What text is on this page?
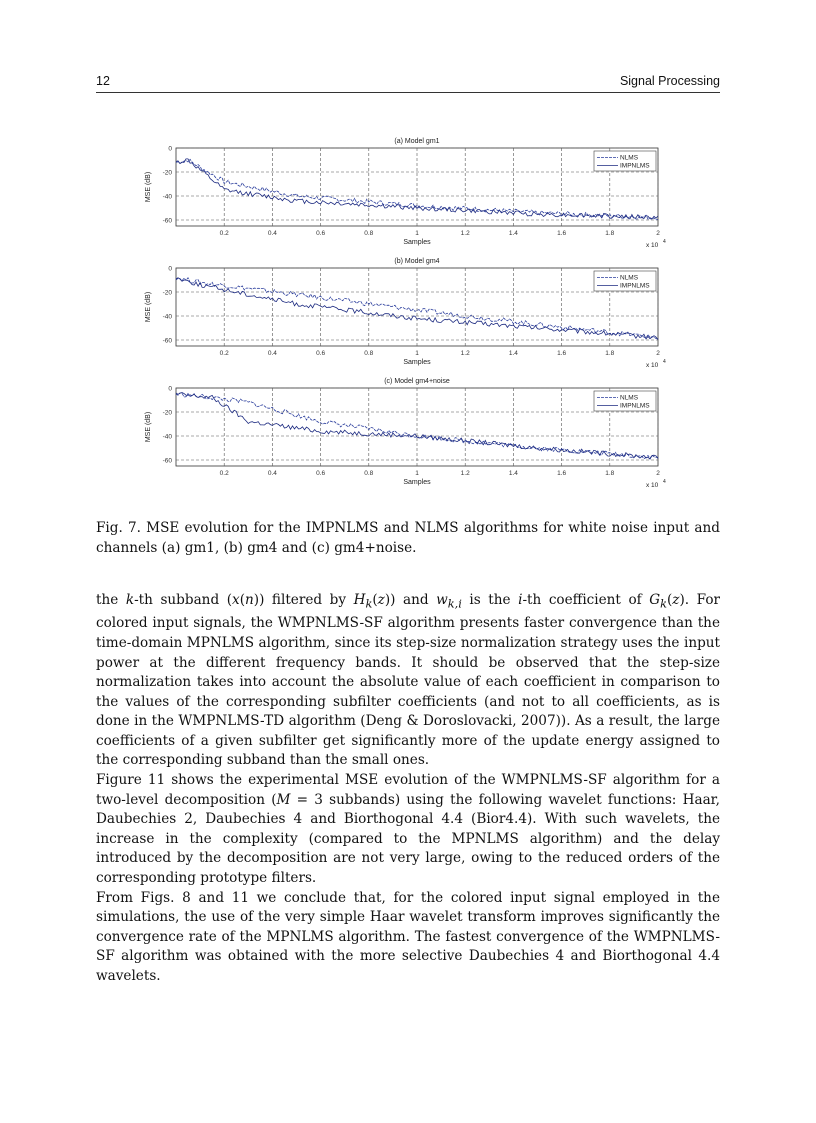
12	Signal Processing
(a) Model gm1
0.2	0.4	0.6	0.8	1	1.2	1.4	1.6	1.8	2
0
-20
-40
-60
Samples
MSE (dB)
x 10 4
NLMS
IMPNLMS
(b) Model gm4
0.2	0.4	0.6	0.8	1	1.2	1.4	1.6	1.8	2
0
-20
-40
-60
Samples
MSE (dB)
x 10 4
NLMS
IMPNLMS
(c) Model gm4+noise
0.2	0.4	0.6	0.8	1	1.2	1.4	1.6	1.8	2
0
-20
-40
-60
Samples
MSE (dB)
x 10 4
NLMS
IMPNLMS
Fig. 7. MSE evolution for the IMPNLMS and NLMS algorithms for white noise input and channels (a) gm1, (b) gm4 and (c) gm4+noise.

the k-th subband (x(n)) filtered by $H_k(z)$) and $w_{k,i}$ is the i-th coefficient of $G_k(z)$. For colored input signals, the WMPNLMS-SF algorithm presents faster convergence than the time-domain MPNLMS algorithm, since its step-size normalization strategy uses the input power at the different frequency bands. It should be observed that the step-size normalization takes into account the absolute value of each coefficient in comparison to the values of the corresponding subfilter coefficients (and not to all coefficients, as is done in the WMPNLMS-TD algorithm (Deng & Doroslovacki, 2007)). As a result, the large coefficients of a given subfilter get significantly more of the update energy assigned to the corresponding subband than the small ones.

Figure 11 shows the experimental MSE evolution of the WMPNLMS-SF algorithm for a two-level decomposition (M = 3 subbands) using the following wavelet functions: Haar, Daubechies 2, Daubechies 4 and Biorthogonal 4.4 (Bior4.4). With such wavelets, the increase in the complexity (compared to the MPNLMS algorithm) and the delay introduced by the decomposition are not very large, owing to the reduced orders of the corresponding prototype filters.

From Figs. 8 and 11 we conclude that, for the colored input signal employed in the simulations, the use of the very simple Haar wavelet transform improves significantly the convergence rate of the MPNLMS algorithm. The fastest convergence of the WMPNLMS-SF algorithm was obtained with the more selective Daubechies 4 and Biorthogonal 4.4 wavelets.
